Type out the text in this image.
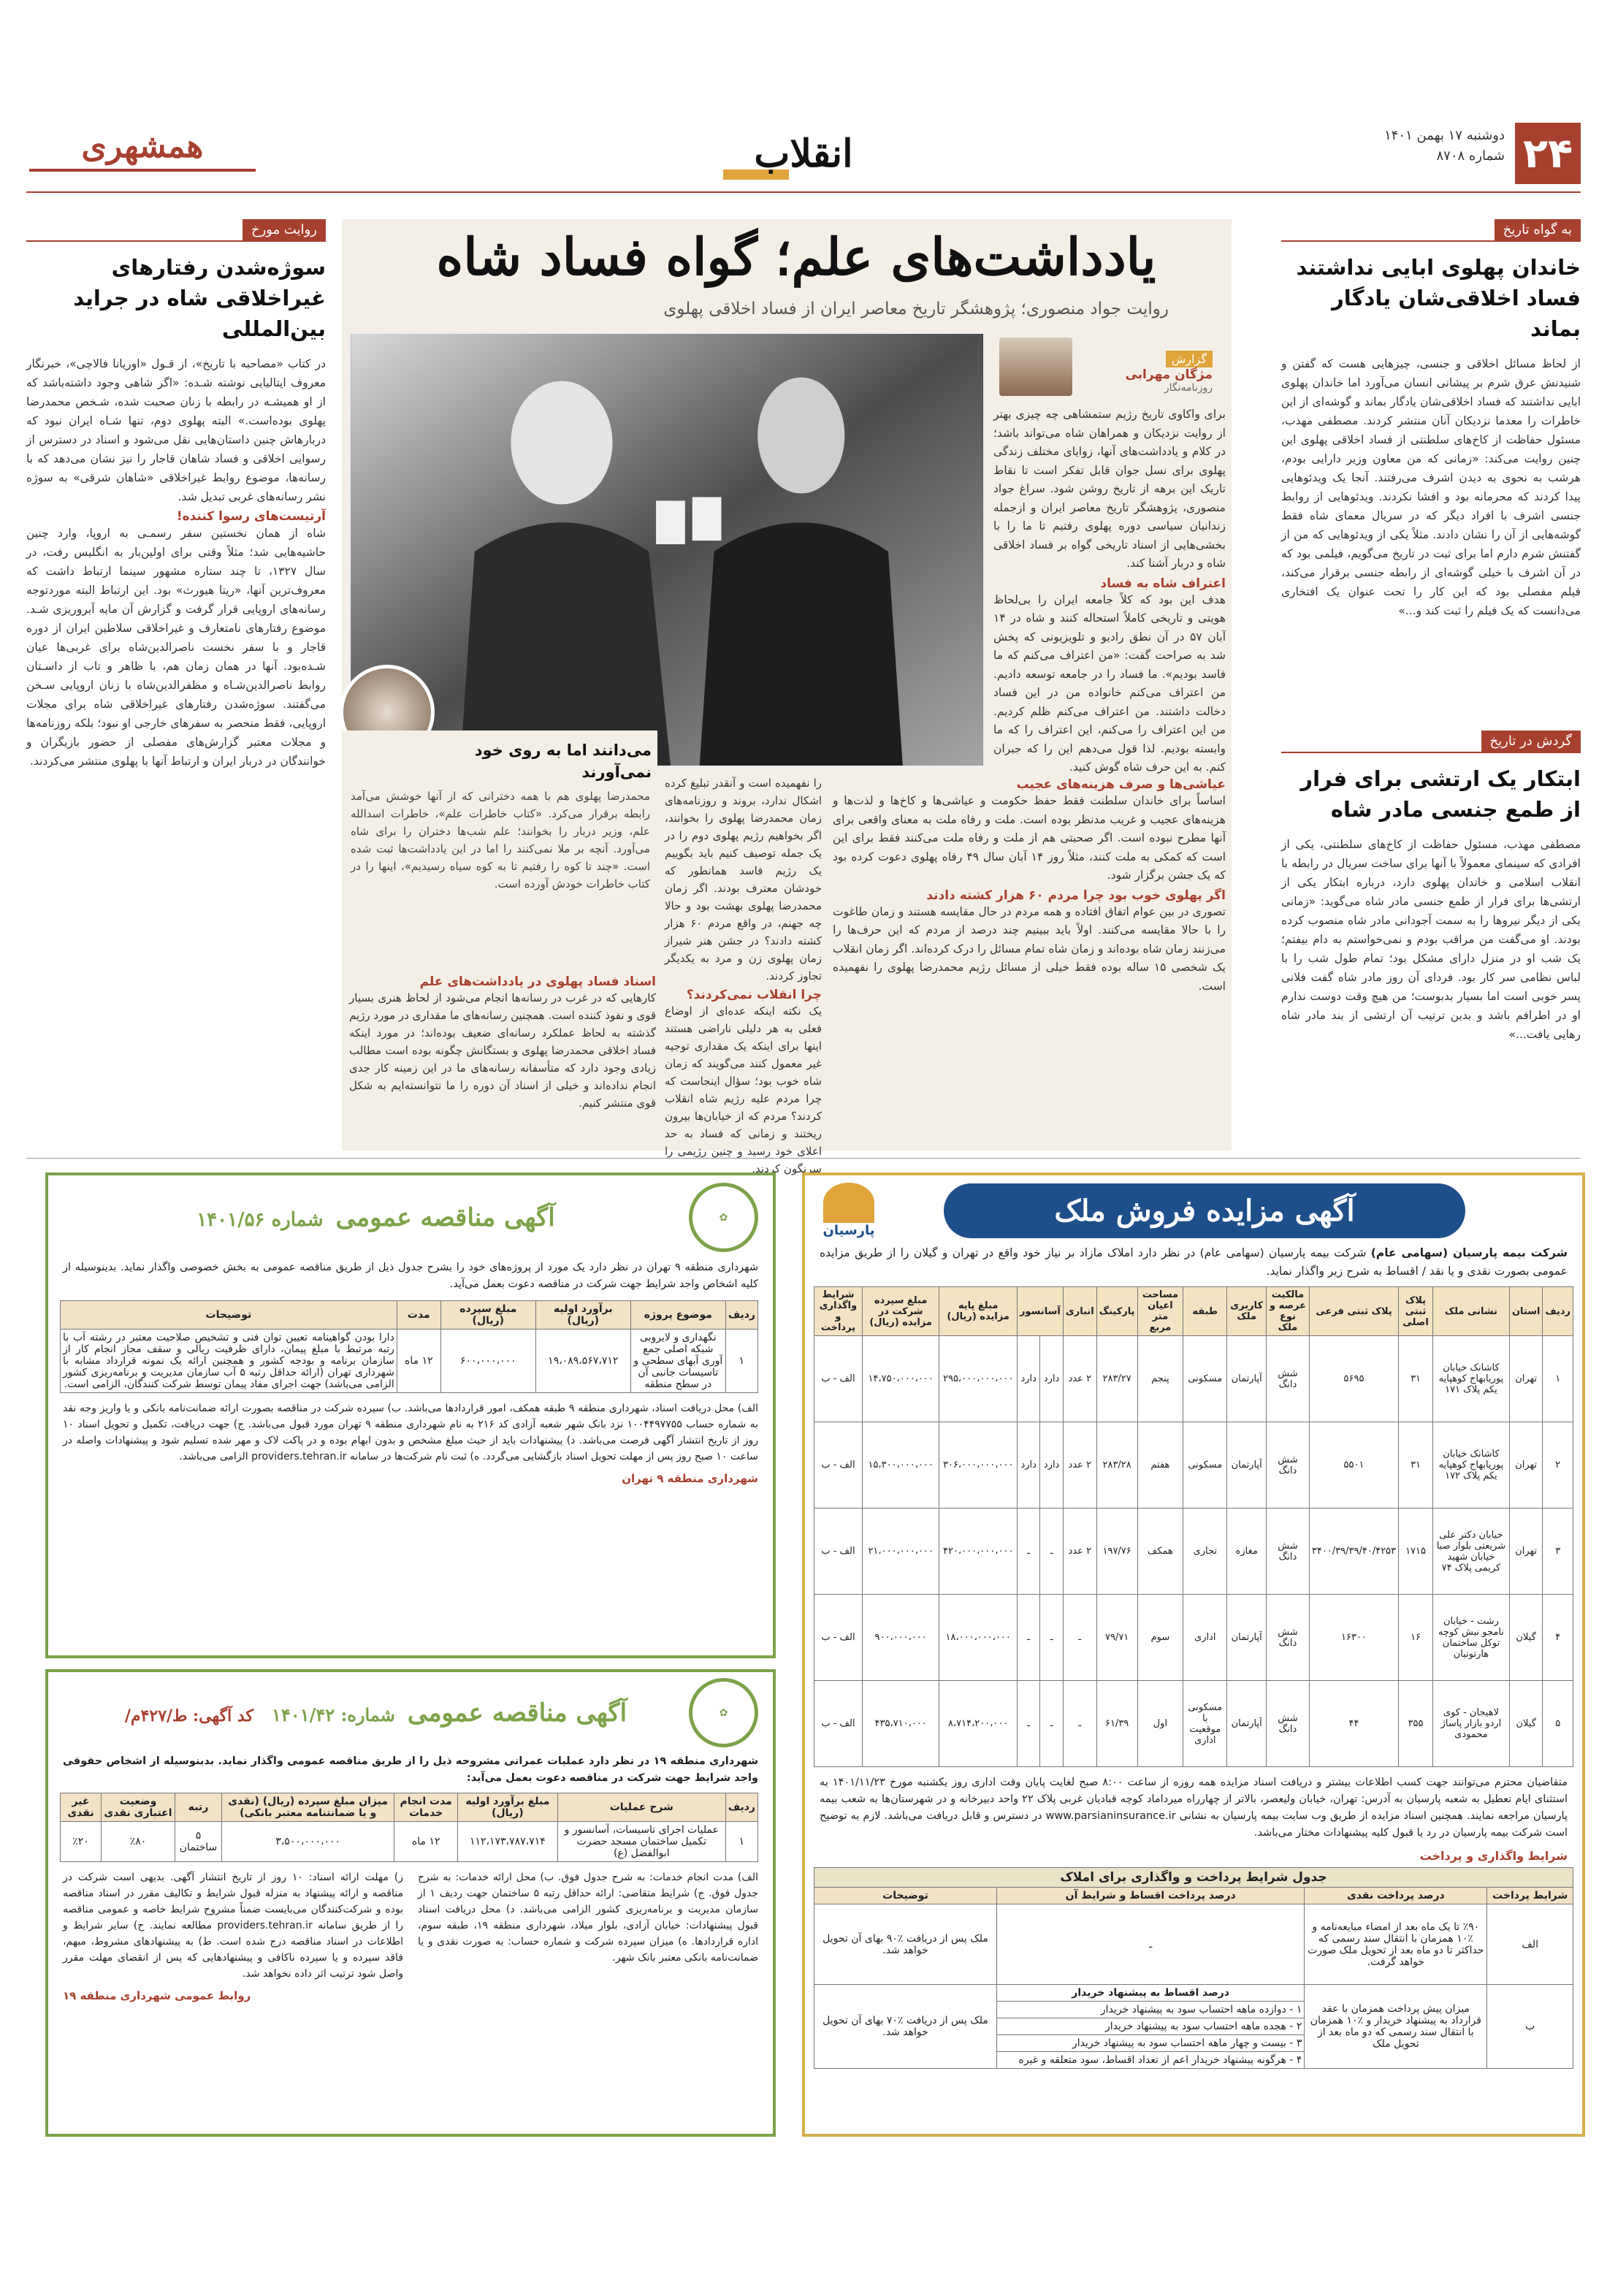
۲۴
دوشنبه ۱۷ بهمن ۱۴۰۱
شماره ۸۷۰۸
انقلاب
همشهری
به گواه تاریخ
خاندان پهلوی ابایی نداشتند فساد اخلاقی‌شان یادگار بماند
از لحاظ مسائل اخلاقی و جنسی، چیزهایی هست که گفتن و شنیدنش عرق شرم بر پیشانی انسان می‌آورد اما خاندان پهلوی ابایی نداشتند که فساد اخلاقی‌شان یادگار بماند و گوشه‌ای از این خاطرات را معدما نزدیکان آنان منتشر کردند. مصطفی مهذب، مسئول حفاظت از کاخ‌های سلطنتی از فساد اخلاقی پهلوی این چنین روایت می‌کند: «زمانی که من معاون وزیر دارایی بودم، هرشب به نحوی به دیدن اشرف می‌رفتند. آنجا یک ویدئوهایی پیدا کردند که محرمانه بود و افشا نکردند. ویدئوهایی از روابط جنسی اشرف با افراد دیگر که در سریال معمای شاه فقط گوشه‌هایی از آن را نشان دادند. مثلاً یکی از ویدئوهایی که من از گفتنش شرم دارم اما برای ثبت در تاریخ می‌گویم، فیلمی بود که در آن اشرف با خیلی گوشه‌ای از رابطه جنسی برقرار می‌کند، فیلم مفصلی بود که این کار را تحت عنوان یک افتخاری می‌دانست که یک فیلم را ثبت کند و...»
گردش در تاریخ
ابتکار یک ارتشی برای فرار از طمع جنسی مادر شاه
مصطفی مهذب، مسئول حفاظت از کاخ‌های سلطنتی، یکی از افرادی که سینمای معمولاً با آنها برای ساخت سریال در رابطه با انقلاب اسلامی و خاندان پهلوی دارد، درباره ابتکار یکی از ارتشی‌ها برای فرار از طمع جنسی مادر شاه می‌گوید: «زمانی یکی از دیگر نیروها را به سمت آجودانی مادر شاه منصوب کرده بودند. او می‌گفت من مراقب بودم و نمی‌خواستم به دام بیفتم؛ یک شب او در منزل دارای مشکل بود؛ تمام طول شب را با لباس نظامی سر کار بود. فردای آن روز مادر شاه گفت فلانی پسر خوبی است اما بسیار بدبوست؛ من هیچ وقت دوست ندارم او در اطرافم باشد و بدین ترتیب آن ارتشی از بند مادر شاه رهایی یافت...»
یادداشت‌های علم؛ گواه فساد شاه
روایت جواد منصوری؛ پژوهشگر تاریخ معاصر ایران از فساد اخلاقی پهلوی
گزارش
مژگان مهرابی
روزنامه‌نگار
می‌دانند اما به روی خود نمی‌آورند
محمدرضا پهلوی هم با همه دخترانی که از آنها خوشش می‌آمد رابطه برقرار می‌کرد. «کتاب خاطرات علم»، خاطرات اسدالله علم، وزیر دربار را بخوانند؛ علم شب‌ها دختران را برای شاه می‌آورد. آنچه بر ملا نمی‌کنند را اما در این یادداشت‌ها ثبت شده است. «چند تا کوه را رفتیم تا به کوه سیاه رسیدیم»، اینها را در کتاب خاطرات خودش آورده است.
برای واکاوی تاریخ رژیم ستمشاهی چه چیزی بهتر از روایت نزدیکان و همراهان شاه می‌تواند باشد؛ در کلام و یادداشت‌های آنها، زوایای مختلف زندگی پهلوی برای نسل جوان قابل تفکر است تا نقاط تاریک این برهه از تاریخ روشن شود. سراغ جواد منصوری، پژوهشگر تاریخ معاصر ایران و ازجمله زندانیان سیاسی دوره پهلوی رفتیم تا ما را با بخشی‌هایی از اسناد تاریخی گواه بر فساد اخلاقی شاه و دربار آشنا کند.
اعتراف شاه به فساد
هدف این بود که کلاً جامعه ایران را بی‌لحاظ هویتی و تاریخی کاملاً استحاله کنند و شاه در ۱۴ آبان ۵۷ در آن نطق رادیو و تلویزیونی که پخش شد به صراحت گفت: «من اعتراف می‌کنم که ما فاسد بودیم». ما فساد را در جامعه توسعه دادیم. من اعتراف می‌کنم خانواده من در این فساد دخالت داشتند. من اعتراف می‌کنم ظلم کردیم. من این اعتراف را می‌کنم، این اعتراف را که ما وابسته بودیم. لذا قول می‌دهم این را که جبران کنم. به این حرف شاه گوش کنید.
عیاشی‌ها و صرف هزینه‌های عجیب
اساساً برای خاندان سلطنت فقط حفظ حکومت و عیاشی‌ها و کاخ‌ها و لذت‌ها و هزینه‌های عجیب و غریب مدنظر بوده است. ملت و رفاه ملت به معنای واقعی برای آنها مطرح نبوده است. اگر صحبتی هم از ملت و رفاه ملت می‌کنند فقط برای این است که کمکی به ملت کنند، مثلاً روز ۱۴ آبان سال ۴۹ رفاه پهلوی دعوت کرده بود که یک جشن برگزار شود.
اگر پهلوی خوب بود چرا مردم ۶۰ هزار کشته دادند
تصوری در بین عوام اتفاق افتاده و همه مردم در حال مقایسه هستند و زمان طاغوت را با حالا مقایسه می‌کنند. اولاً باید ببینیم چند درصد از مردم که این حرف‌ها را می‌زنند زمان شاه بوده‌اند و زمان شاه تمام مسائل را درک کرده‌اند. اگر زمان انقلاب یک شخصی ۱۵ ساله بوده فقط خیلی از مسائل رژیم محمدرضا پهلوی را نفهمیده است.
را نفهمیده است و آنقدر تبلیغ کرده اشکال ندارد، بروند و روزنامه‌های زمان محمدرضا پهلوی را بخوانند، اگر بخواهیم رژیم پهلوی دوم را در یک جمله توصیف کنیم باید بگوییم یک رژیم فاسد همانطور که خودشان معترف بودند. اگر زمان محمدرضا پهلوی بهشت بود و حالا چه جهنم، در واقع مردم ۶۰ هزار کشته دادند؟ در جشن هنر شیراز زمان پهلوی زن و مرد به یکدیگر تجاوز کردند.
چرا انقلاب نمی‌کردند؟
یک نکته اینکه عده‌ای از اوضاع فعلی به هر دلیلی ناراضی هستند اینها برای اینکه یک مقداری توجیه غیر معمول کنند می‌گویند که زمان شاه خوب بود؛ سؤال اینجاست که چرا مردم علیه رژیم شاه انقلاب کردند؟ مردم که از خیابان‌ها بیرون ریختند و زمانی که فساد به حد اعلای خود رسید و چنین رژیمی را سرنگون کردند.
اسناد فساد پهلوی در یادداشت‌های علم
کارهایی که در غرب در رسانه‌ها انجام می‌شود از لحاظ هنری بسیار قوی و نفوذ کننده است. همچنین رسانه‌های ما مقداری در مورد رژیم گذشته به لحاظ عملکرد رسانه‌ای ضعیف بوده‌اند؛ در مورد اینکه فساد اخلاقی محمدرضا پهلوی و بستگانش چگونه بوده است مطالب زیادی وجود دارد که متأسفانه رسانه‌های ما در این زمینه کار جدی انجام نداده‌اند و خیلی از اسناد آن دوره را ما نتوانسته‌ایم به شکل قوی منتشر کنیم.
روایت مورخ
سوژه‌شدن رفتارهای غیراخلاقی شاه در جراید بین‌المللی
در کتاب «مصاحبه با تاریخ»، از قـول «اوریانا فالاچی»، خبرنگار معروف ایتالیایی نوشته شـده: «اگر شاهی وجود داشته‌باشد که از او همیشـه در رابطه با زنان صحبت شده، شـخص محمدرضا پهلوی بوده‌است.» البته پهلوی دوم، تنها شـاه ایران نبود که دربارهاش چنین داستان‌هایی نقل می‌شود و اسناد در دسترس از رسوایی اخلاقی و فساد شاهان قاجار را نیز نشان می‌دهد که با رسانه‌ها، موضوع روابط غیراخلاقی «شاهان شرقی» به سوژه نشر رسانه‌های غربی تبدیل شد.
آرتیست‌های رسوا کننده!
شاه از همان نخستین سفر رسمـی به اروپا، وارد چنین حاشیه‌هایی شد؛ مثلاً وقتی برای اولین‌بار به انگلیس رفت، در سال ۱۳۲۷، تا چند ستاره مشهور سینما ارتباط داشت که معروف‌ترین آنها، «ریتا هیورث» بود. این ارتباط البته موردتوجه رسانه‌های اروپایی قرار گرفت و گزارش آن مایه آبروریزی شـد. موضوع رفتارهای نامتعارف و غیراخلاقی سلاطین ایران از دوره قاجار و با سفر نخست ناصرالدین‌شاه برای غربی‌ها عیان شـده‌بود. آنها در همان زمان هم، با ظاهر و تاب از داسـتان روابط ناصرالدین‌شـاه و مظفرالدین‌شاه با زنان اروپایی سـخن می‌گفتند. سوژه‌شدن رفتارهای غیراخلاقی شاه برای مجلات اروپایی، فقط منحصر به سفرهای خارجی او نبود؛ بلکه روزنامه‌ها و مجلات معتبر گزارش‌های مفصلی از حضور بازیگران و خوانندگان در دربار ایران و ارتباط آنها با پهلوی منتشر می‌کردند.
✿
آگهی مناقصه عمومی شماره ۱۴۰۱/۵۶
شهرداری منطقه ۹ تهران در نظر دارد یک مورد از پروژه‌های خود را بشرح جدول ذیل از طریق مناقصه عمومی به بخش خصوصی واگذار نماید. بدینوسیله از کلیه اشخاص واجد شرایط جهت شرکت در مناقصه دعوت بعمل می‌آید.
ردیف	موضوع پروژه	برآورد اولیه (ریال)	مبلغ سپرده (ریال)	مدت	توضیحات
۱	نگهداری و لایروبی شبکه اصلی جمع آوری آبهای سطحی و تاسیسات جانبی آن در سطح منطقه	۱۹،۰۸۹،۵۶۷،۷۱۲	۶۰۰،۰۰۰،۰۰۰	۱۲ ماه	دارا بودن گواهینامه تعیین توان فنی و تشخیص صلاحیت معتبر در رشته آب با رتبه مرتبط با مبلغ پیمان، دارای ظرفیت ریالی و سقف مجاز انجام کار از سازمان برنامه و بودجه کشور و همچنین ارائه یک نمونه قرارداد مشابه با شهرداری تهران (ارائه حداقل رتبه ۵ آب سازمان مدیریت و برنامه‌ریزی کشور الزامی می‌باشد) جهت اجرای مفاد پیمان توسط شرکت کنندگان، الزامی است.
الف) محل دریافت اسناد، شهرداری منطقه ۹ طبقه همکف، امور قراردادها می‌باشد. ب) سپرده شرکت در مناقصه بصورت ارائه ضمانت‌نامه بانکی و یا واریز وجه نقد به شماره حساب ۱۰۰۴۴۹۷۷۵۵ نزد بانک شهر شعبه آزادی کد ۲۱۶ به نام شهرداری منطقه ۹ تهران مورد قبول می‌باشد. ج) جهت دریافت، تکمیل و تحویل اسناد ۱۰ روز از تاریخ انتشار آگهی فرصت می‌باشد. د) پیشنهادات باید از حیث مبلغ مشخص و بدون ابهام بوده و در پاکت لاک و مهر شده تسلیم شود و پیشنهادات واصله در ساعت ۱۰ صبح روز پس از مهلت تحویل اسناد بازگشایی می‌گردد. ه) ثبت نام شرکت‌ها در سامانه providers.tehran.ir الزامی می‌باشد.
شهرداری منطقه ۹ تهران
✿
آگهی مناقصه عمومی شماره: ۱۴۰۱/۴۲ کد آگهی: ط/۴۲۷م/
شهرداری منطقه ۱۹ در نظر دارد عملیات عمرانی مشروحه ذیل را از طریق مناقصه عمومی واگذار نماید. بدینوسیله از اشخاص حقوقی واجد شرایط جهت شرکت در مناقصه دعوت بعمل می‌آید:
ردیف	شرح عملیات	مبلغ برآورد اولیه (ریال)	مدت انجام خدمات	میزان مبلغ سپرده (ریال) (نقدی و یا ضمانتنامه معتبر بانکی)	رتبه	وضعیت اعتباری نقدی	غیر نقدی
۱	عملیات اجرای تاسیسات، آسانسور و تکمیل ساختمان مسجد حضرت ابوالفضل (ع)	۱۱۲،۱۷۳،۷۸۷،۷۱۴	۱۲ ماه	۳،۵۰۰،۰۰۰،۰۰۰	۵ ساختمان	٪۸۰	٪۲۰
الف) مدت انجام خدمات: به شرح جدول فوق. ب) محل ارائه خدمات: به شرح جدول فوق. ج) شرایط متقاضی: ارائه حداقل رتبه ۵ ساختمان جهت ردیف ۱ از سازمان مدیریت و برنامه‌ریزی کشور الزامی می‌باشد. د) محل دریافت اسناد قبول پیشنهادات: خیابان آزادی، بلوار میلاد، شهرداری منطقه ۱۹، طبقه سوم، اداره قراردادها. ه) میزان سپرده شرکت و شماره حساب: به صورت نقدی و یا ضمانت‌نامه بانکی معتبر بانک شهر.
ز) مهلت ارائه اسناد: ۱۰ روز از تاریخ انتشار آگهی. بدیهی است شرکت در مناقصه و ارائه پیشنهاد به منزله قبول شرایط و تکالیف مقرر در اسناد مناقصه بوده و شرکت‌کنندگان می‌بایست ضمناً مشروح شرایط خاصه و عمومی مناقصه را از طریق سامانه providers.tehran.ir مطالعه نمایند. ح) سایر شرایط و اطلاعات در اسناد مناقصه درج شده است. ط) به پیشنهادهای مشروط، مبهم، فاقد سپرده و یا سپرده ناکافی و پیشنهادهایی که پس از انقضای مهلت مقرر واصل شود ترتیب اثر داده نخواهد شد.
روابط عمومی شهرداری منطقه ۱۹
آگهی مزایده فروش ملک
پارسیان
شرکت بیمه پارسیان (سهامی عام) شرکت بیمه پارسیان (سهامی عام) در نظر دارد املاک مازاد بر نیاز خود واقع در تهران و گیلان را از طریق مزایده عمومی بصورت نقدی و یا نقد / اقساط به شرح زیر واگذار نماید.
ردیف	استان	نشانی ملک	پلاک ثبتی اصلی	پلاک ثبتی فرعی	مالکیت عرصه و نوع ملک	کاربری ملک	طبقه	مساحت اعیان متر مربع	پارکینگ	انباری	آسانسور		مبلغ پایه مزایده (ریال)	مبلغ سپرده شرکت در مزایده (ریال)	شرایط واگذاری و پرداخت
۱	تهران	کاشانک خیابان پوریابهاج کوهپایه یکم پلاک ۱۷۱	۳۱	۵۶۹۵	شش دانگ	آپارتمان	مسکونی	پنجم	۲۸۳/۲۷	۲ عدد	دارد	دارد	۲۹۵،۰۰۰،۰۰۰،۰۰۰	۱۴،۷۵۰،۰۰۰،۰۰۰	الف - ب
۲	تهران	کاشانک خیابان پوریابهاج کوهپایه یکم پلاک ۱۷۲	۳۱	۵۵۰۱	شش دانگ	آپارتمان	مسکونی	هفتم	۲۸۳/۲۸	۲ عدد	دارد	دارد	۳۰۶،۰۰۰،۰۰۰،۰۰۰	۱۵،۳۰۰،۰۰۰،۰۰۰	الف - ب
۳	تهران	خیابان دکتر علی شریعتی بلوار صبا خیابان شهید کریمی پلاک ۷۴	۱۷۱۵	۳۴۰۰/۳۹/۳۹/۴۰/۴۲۵۳	شش دانگ	مغازه	تجاری	همکف	۱۹۷/۷۶	۲ عدد	ـ	ـ	۴۲۰،۰۰۰،۰۰۰،۰۰۰	۲۱،۰۰۰،۰۰۰،۰۰۰	الف - ب
۴	گیلان	رشت - خیابان نامجو نبش کوچه توکل ساختمان هارتونیان	۱۶	۱۶۳۰۰	شش دانگ	آپارتمان	اداری	سوم	۷۹/۷۱	ـ	ـ	ـ	۱۸،۰۰۰،۰۰۰،۰۰۰	۹۰۰،۰۰۰،۰۰۰	الف - ب
۵	گیلان	لاهیجان - کوی اردو بازار پاساژ محمودی	۳۵۵	۴۴	شش دانگ	آپارتمان	مسکونی با موقعیت اداری	اول	۶۱/۳۹	ـ	ـ	ـ	۸،۷۱۴،۲۰۰،۰۰۰	۴۳۵،۷۱۰،۰۰۰	الف - ب
متقاضیان محترم می‌توانند جهت کسب اطلاعات بیشتر و دریافت اسناد مزایده همه روزه از ساعت ۸:۰۰ صبح لغایت پایان وقت اداری روز یکشنبه مورخ ۱۴۰۱/۱۱/۲۳ به استثنای ایام تعطیل به شعبه پارسیان به آدرس: تهران، خیابان ولیعصر، بالاتر از چهارراه میرداماد کوچه قبادیان غربی پلاک ۲۲ واحد دبیرخانه و در شهرستان‌ها به شعب بیمه پارسیان مراجعه نمایند. همچنین اسناد مزایده از طریق وب سایت بیمه پارسیان به نشانی www.parsianinsurance.ir در دسترس و قابل دریافت می‌باشد. لازم به توضیح است شرکت بیمه پارسیان در رد یا قبول کلیه پیشنهادات مختار می‌باشد.
شرایط واگذاری و پرداخت
جدول شرایط پرداخت و واگذاری برای املاک			
شرایط پرداخت	درصد پرداخت نقدی	درصد پرداخت اقساط و شرایط آن	توضیحات
الف	٪۹۰ تا یک ماه بعد از امضاء مبایعه‌نامه و ٪۱۰ همزمان با انتقال سند رسمی که حداکثر تا دو ماه بعد از تحویل ملک صورت خواهد گرفت.	ـ	ملک پس از دریافت ٪۹۰ بهای آن تحویل خواهد شد.
ب	میزان پیش پرداخت همزمان با عقد قرارداد به پیشنهاد خریدار و ٪۱۰ همزمان با انتقال سند رسمی که دو ماه بعد از تحویل ملک	درصد اقساط به پیشنهاد خریدار	ملک پس از دریافت ٪۷۰ بهای آن تحویل خواهد شد.
		۱ - دوازده ماهه احتساب سود به پیشنهاد خریدار	
		۲ - هجده ماهه احتساب سود به پیشنهاد خریدار	
		۳ - بیست و چهار ماهه احتساب سود به پیشنهاد خریدار	
		۴ - هرگونه پیشنهاد خریدار اعم از تعداد اقساط، سود متعلقه و غیره	
